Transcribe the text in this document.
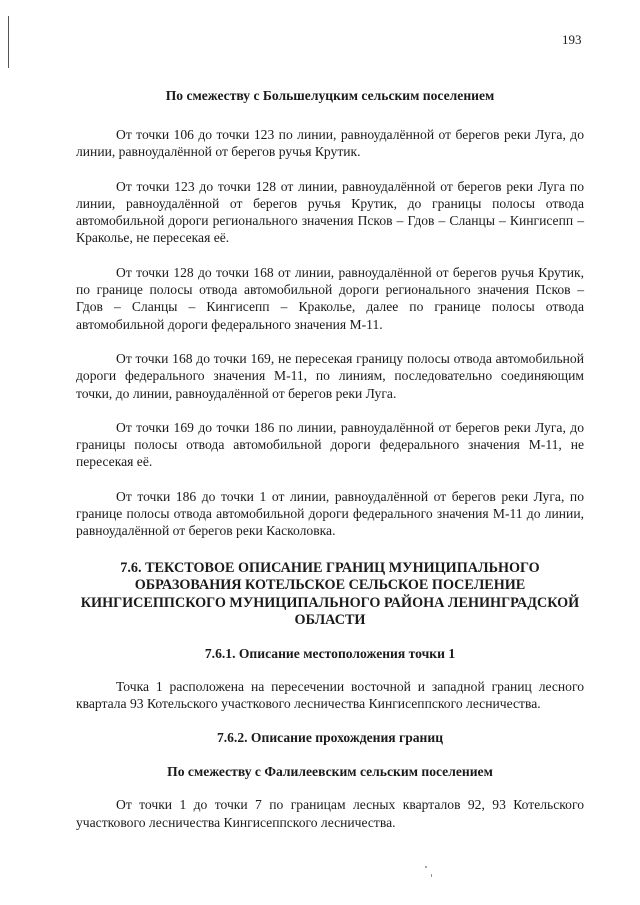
193

По смежеству с Большелуцким сельским поселением

От точки 106 до точки 123 по линии, равноудалённой от берегов реки Луга, до линии, равноудалённой от берегов ручья Крутик.

От точки 123 до точки 128 от линии, равноудалённой от берегов реки Луга по линии, равноудалённой от берегов ручья Крутик, до границы полосы отвода автомобильной дороги регионального значения Псков – Гдов – Сланцы – Кингисепп – Краколье, не пересекая её.

От точки 128 до точки 168 от линии, равноудалённой от берегов ручья Крутик, по границе полосы отвода автомобильной дороги регионального значения Псков – Гдов – Сланцы – Кингисепп – Краколье, далее по границе полосы отвода автомобильной дороги федерального значения М-11.

От точки 168 до точки 169, не пересекая границу полосы отвода автомобильной дороги федерального значения М-11, по линиям, последовательно соединяющим точки, до линии, равноудалённой от берегов реки Луга.

От точки 169 до точки 186 по линии, равноудалённой от берегов реки Луга, до границы полосы отвода автомобильной дороги федерального значения М-11, не пересекая её.

От точки 186 до точки 1 от линии, равноудалённой от берегов реки Луга, по границе полосы отвода автомобильной дороги федерального значения М-11 до линии, равноудалённой от берегов реки Касколовка.

7.6. ТЕКСТОВОЕ ОПИСАНИЕ ГРАНИЦ МУНИЦИПАЛЬНОГО ОБРАЗОВАНИЯ КОТЕЛЬСКОЕ СЕЛЬСКОЕ ПОСЕЛЕНИЕ КИНГИСЕППСКОГО МУНИЦИПАЛЬНОГО РАЙОНА ЛЕНИНГРАДСКОЙ ОБЛАСТИ

7.6.1. Описание местоположения точки 1

Точка 1 расположена на пересечении восточной и западной границ лесного квартала 93 Котельского участкового лесничества Кингисеппского лесничества.

7.6.2. Описание прохождения границ

По смежеству с Фалилеевским сельским поселением

От точки 1 до точки 7 по границам лесных кварталов 92, 93 Котельского участкового лесничества Кингисеппского лесничества.
